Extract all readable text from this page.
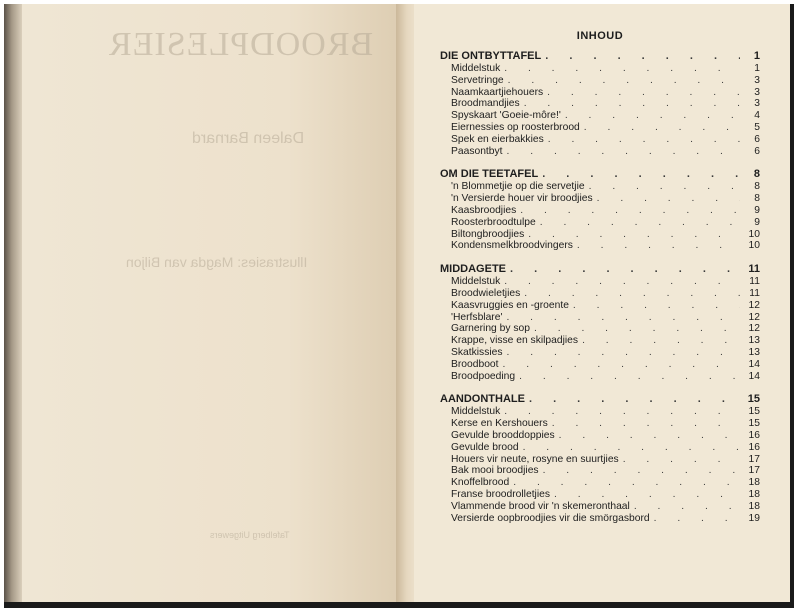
BROODPLESIER
Daleen Barnard
Illustrasies: Magda van Biljon
Tafelberg Uitgewers
INHOUD
DIE ONTBYTTAFEL . . .	1
Middelstuk . . .	1
Servetringe . . .	3
Naamkaartjiehouers . . .	3
Broodmandjies . . .	3
Spyskaart 'Goeie-môre!' . . .	4
Eiernessies op roosterbrood . . .	5
Spek en eierbakkies . . .	6
Paasontbyt . . .	6
OM DIE TEETAFEL . . .	8
'n Blommetjie op die servetjie . . .	8
'n Versierde houer vir broodjies . . .	8
Kaasbroodjies . . .	9
Roosterbroodtulpe . . .	9
Biltongbroodjies . . .	10
Kondensmelkbroodvingers . . .	10
MIDDAGETE . . .	11
Middelstuk . . .	11
Broodwieletjies . . .	11
Kaasvruggies en -groente . . .	12
'Herfsblare' . . .	12
Garnering by sop . . .	12
Krappe, visse en skilpadjies . . .	13
Skatkissies . . .	13
Broodboot . . .	14
Broodpoeding . . .	14
AANDONTHALE . . .	15
Middelstuk . . .	15
Kerse en Kershouers . . .	15
Gevulde brooddoppies . . .	16
Gevulde brood . . .	16
Houers vir neute, rosyne en suurtjies . . .	17
Bak mooi broodjies . . .	17
Knoffelbrood . . .	18
Franse broodrolletjies . . .	18
Vlammende brood vir 'n skemeronthaal . . .	18
Versierde oopbroodjies vir die smörgasbord . . .	19
